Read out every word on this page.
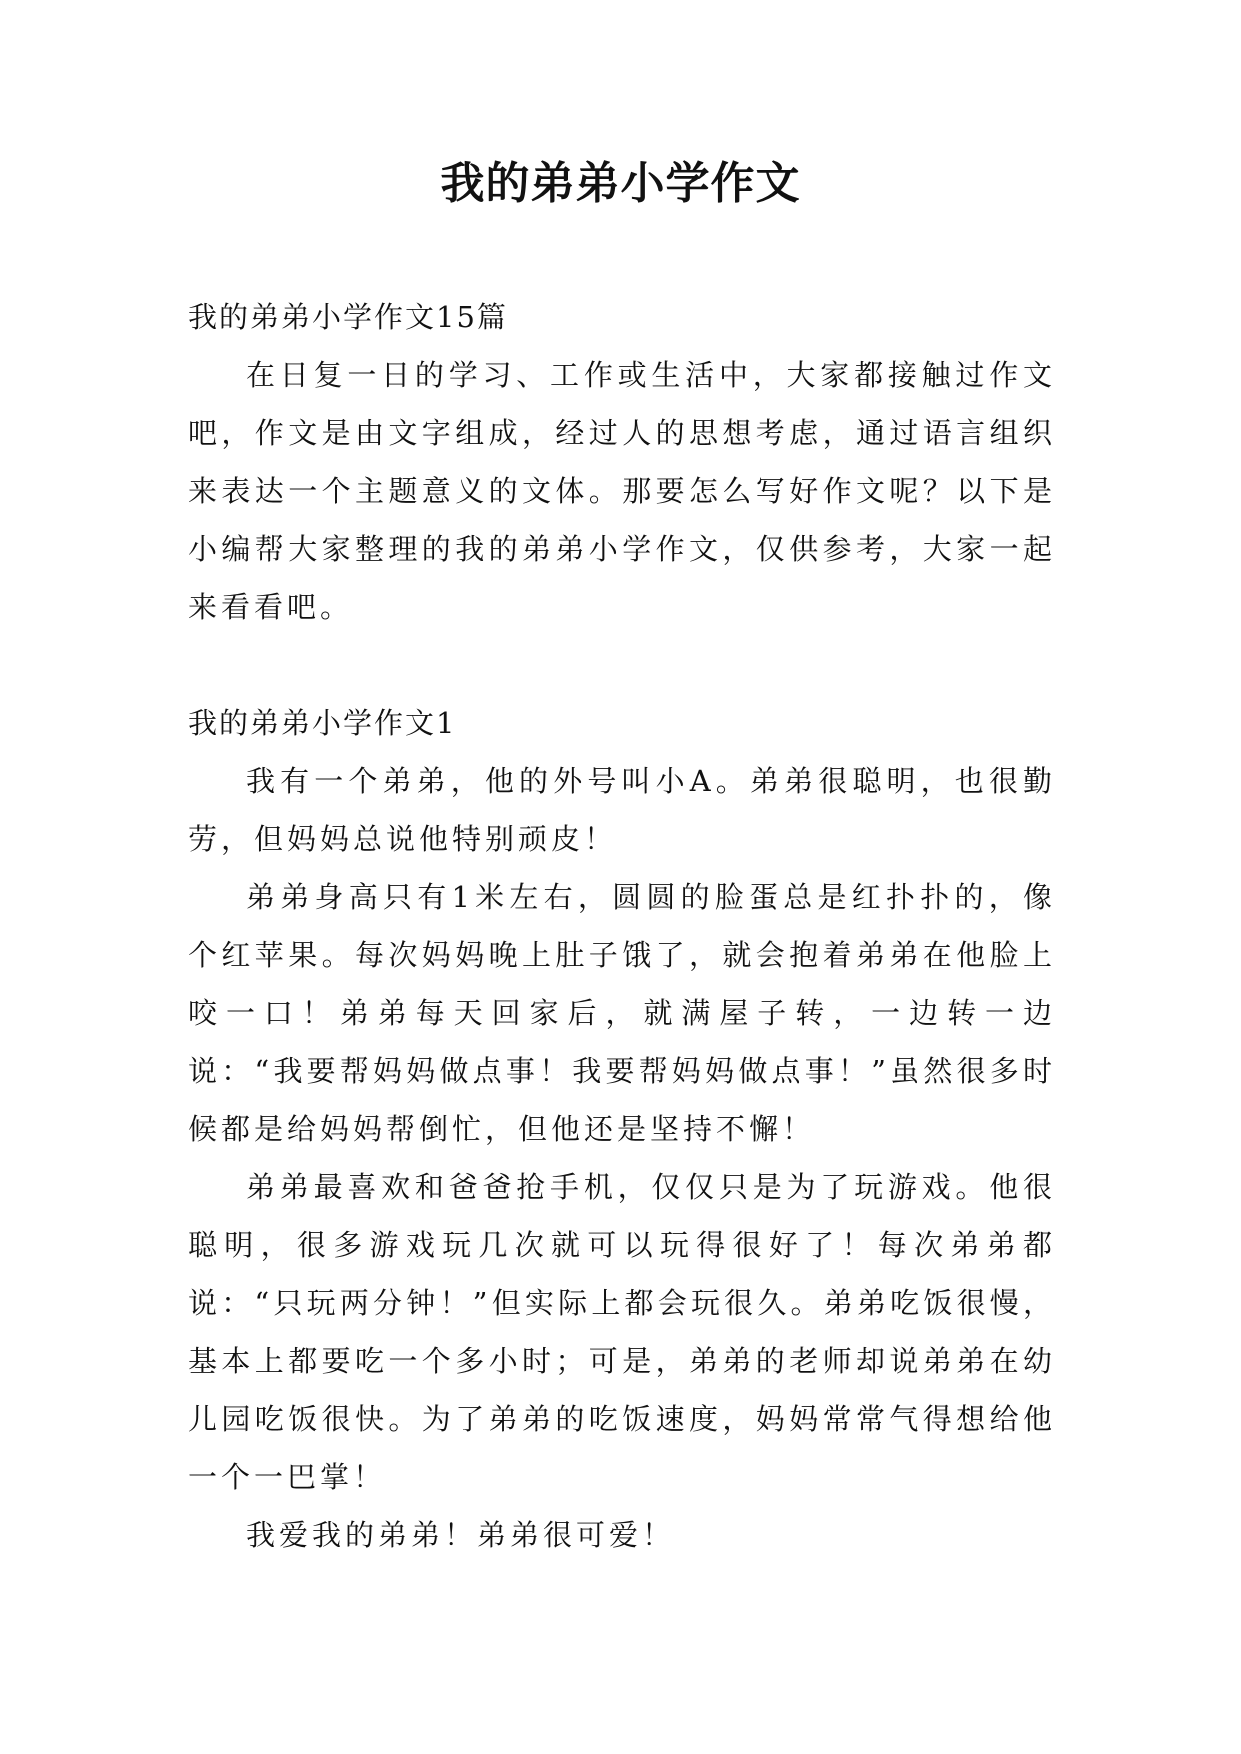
我的弟弟小学作文

我的弟弟小学作文15篇

在日复一日的学习、工作或生活中，大家都接触过作文吧，作文是由文字组成，经过人的思想考虑，通过语言组织来表达一个主题意义的文体。那要怎么写好作文呢？以下是小编帮大家整理的我的弟弟小学作文，仅供参考，大家一起来看看吧。

我的弟弟小学作文1

我有一个弟弟，他的外号叫小A。弟弟很聪明，也很勤劳，但妈妈总说他特别顽皮！

弟弟身高只有1米左右，圆圆的脸蛋总是红扑扑的，像个红苹果。每次妈妈晚上肚子饿了，就会抱着弟弟在他脸上咬一口！弟弟每天回家后，就满屋子转，一边转一边说：“我要帮妈妈做点事！我要帮妈妈做点事！”虽然很多时候都是给妈妈帮倒忙，但他还是坚持不懈！

弟弟最喜欢和爸爸抢手机，仅仅只是为了玩游戏。他很聪明，很多游戏玩几次就可以玩得很好了！每次弟弟都说：“只玩两分钟！”但实际上都会玩很久。弟弟吃饭很慢，基本上都要吃一个多小时；可是，弟弟的老师却说弟弟在幼儿园吃饭很快。为了弟弟的吃饭速度，妈妈常常气得想给他一个一巴掌！

我爱我的弟弟！弟弟很可爱！
